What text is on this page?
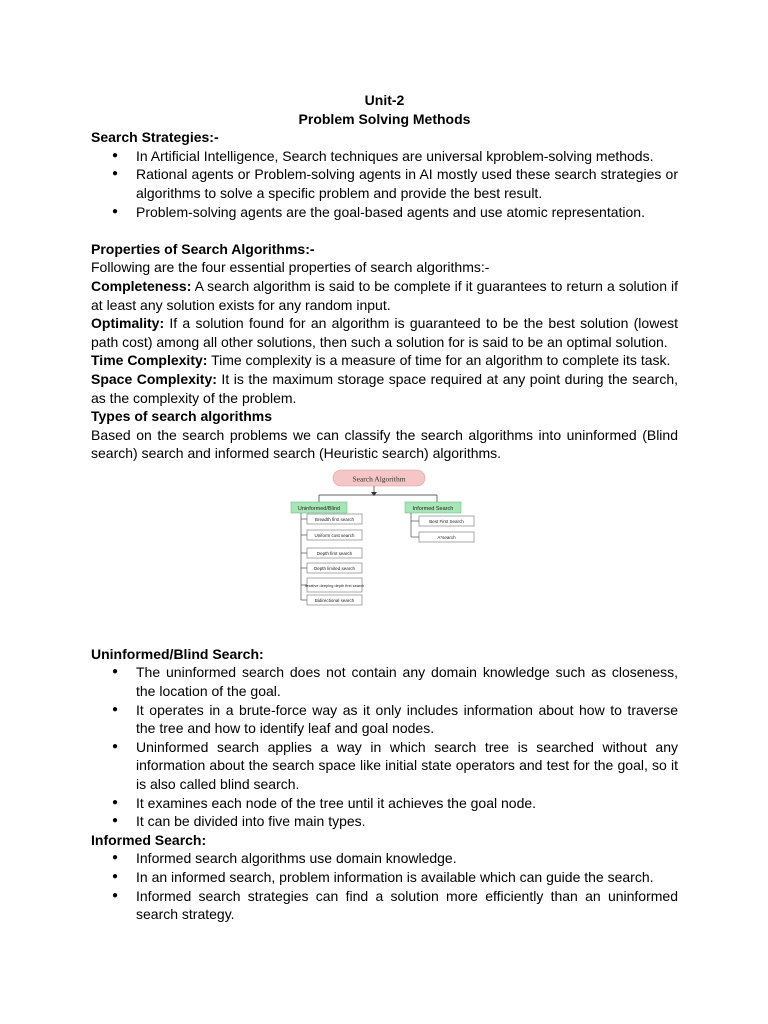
Unit-2
Problem Solving Methods
Search Strategies:-
● In Artificial Intelligence, Search techniques are universal kproblem-solving methods.
● Rational agents or Problem-solving agents in AI mostly used these search strategies or algorithms to solve a specific problem and provide the best result.
● Problem-solving agents are the goal-based agents and use atomic representation.
Properties of Search Algorithms:-

Following are the four essential properties of search algorithms:-

Completeness: A search algorithm is said to be complete if it guarantees to return a solution if at least any solution exists for any random input.

Optimality: If a solution found for an algorithm is guaranteed to be the best solution (lowest path cost) among all other solutions, then such a solution for is said to be an optimal solution.

Time Complexity: Time complexity is a measure of time for an algorithm to complete its task.

Space Complexity: It is the maximum storage space required at any point during the search, as the complexity of the problem.

Types of search algorithms

Based on the search problems we can classify the search algorithms into uninformed (Blind search) search and informed search (Heuristic search) algorithms.

Search Algorithm
Uninformed/Blind	Informed Search
Breadth first search
Uniform cost search
Depth first search
Depth limited search
Iterative deeping depth first search
Bidirectional search
Best First Search
A*search
Uninformed/Blind Search:
● The uninformed search does not contain any domain knowledge such as closeness, the location of the goal.
● It operates in a brute-force way as it only includes information about how to traverse the tree and how to identify leaf and goal nodes.
● Uninformed search applies a way in which search tree is searched without any information about the search space like initial state operators and test for the goal, so it is also called blind search.
● It examines each node of the tree until it achieves the goal node.
● It can be divided into five main types.
Informed Search:
● Informed search algorithms use domain knowledge.
● In an informed search, problem information is available which can guide the search.
● Informed search strategies can find a solution more efficiently than an uninformed search strategy.
